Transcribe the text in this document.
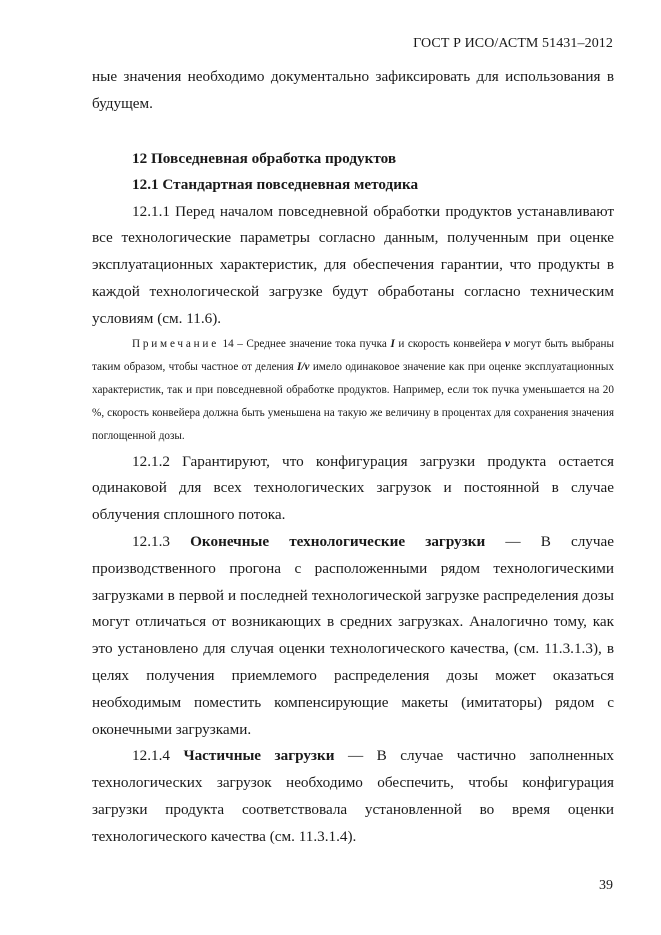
ГОСТ Р ИСО/АСТМ 51431–2012

ные значения необходимо документально зафиксировать для использования в будущем.

12 Повседневная обработка продуктов

12.1 Стандартная повседневная методика

12.1.1 Перед началом повседневной обработки продуктов устанавливают все технологические параметры согласно данным, полученным при оценке эксплуатационных характеристик, для обеспечения гарантии, что продукты в каждой технологической загрузке будут обработаны согласно техническим условиям (см. 11.6).

Примечание 14 – Среднее значение тока пучка I и скорость конвейера v могут быть выбраны таким образом, чтобы частное от деления I/v имело одинаковое значение как при оценке эксплуатационных характеристик, так и при повседневной обработке продуктов. Например, если ток пучка уменьшается на 20 %, скорость конвейера должна быть уменьшена на такую же величину в процентах для сохранения значения поглощенной дозы.

12.1.2 Гарантируют, что конфигурация загрузки продукта остается одинаковой для всех технологических загрузок и постоянной в случае облучения сплошного потока.

12.1.3 Оконечные технологические загрузки — В случае производственного прогона с расположенными рядом технологическими загрузками в первой и последней технологической загрузке распределения дозы могут отличаться от возникающих в средних загрузках. Аналогично тому, как это установлено для случая оценки технологического качества, (см. 11.3.1.3), в целях получения приемлемого распределения дозы может оказаться необходимым поместить компенсирующие макеты (имитаторы) рядом с оконечными загрузками.

12.1.4 Частичные загрузки — В случае частично заполненных технологических загрузок необходимо обеспечить, чтобы конфигурация загрузки продукта соответствовала установленной во время оценки технологического качества (см. 11.3.1.4).

39
